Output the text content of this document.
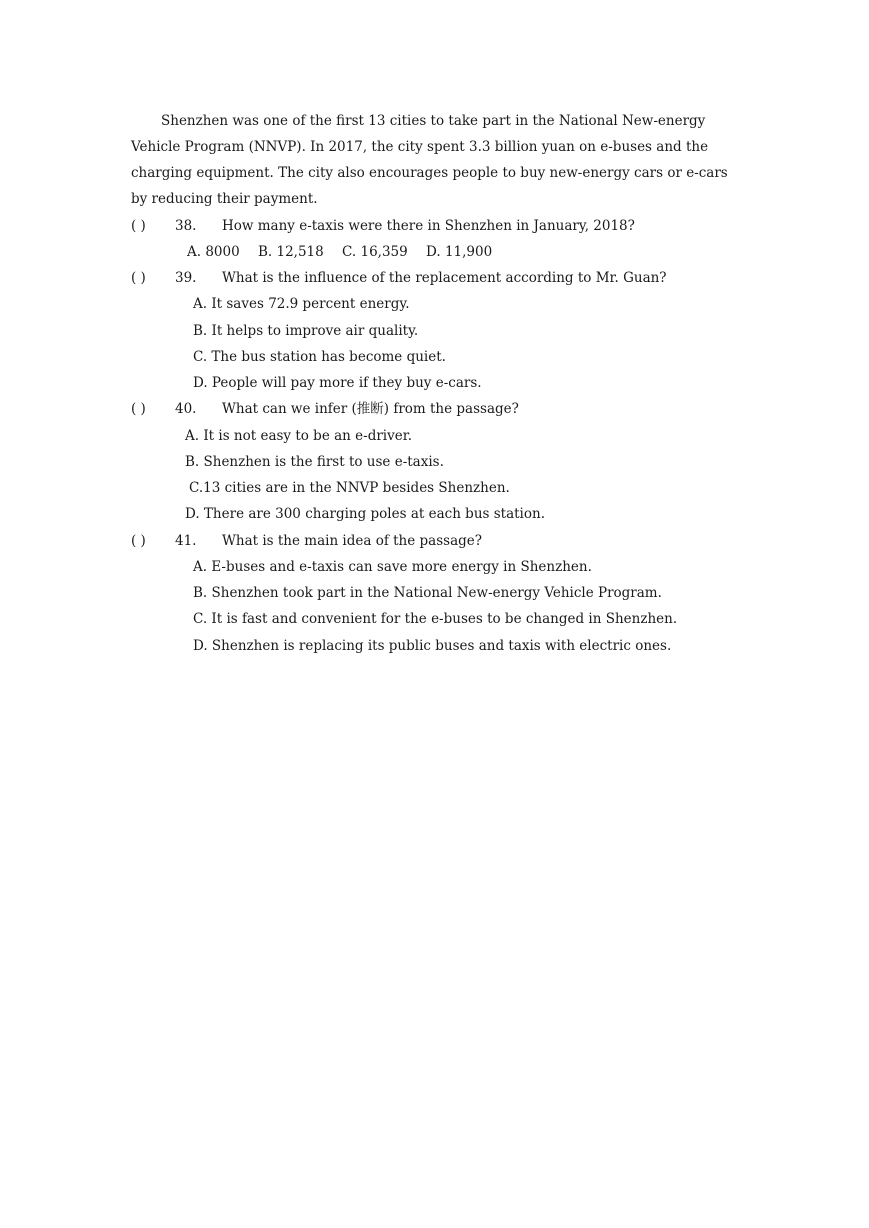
Shenzhen was one of the first 13 cities to take part in the National New-energy
Vehicle Program (NNVP). In 2017, the city spent 3.3 billion yuan on e-buses and the
charging equipment. The city also encourages people to buy new-energy cars or e-cars
by reducing their payment.
( ) 38. How many e-taxis were there in Shenzhen in January, 2018?
A. 8000 B. 12,518 C. 16,359 D. 11,900
( ) 39. What is the influence of the replacement according to Mr. Guan?
A. It saves 72.9 percent energy.
B. It helps to improve air quality.
C. The bus station has become quiet.
D. People will pay more if they buy e-cars.
( ) 40. What can we infer (推断) from the passage?
A. It is not easy to be an e-driver.
B. Shenzhen is the first to use e-taxis.
C.13 cities are in the NNVP besides Shenzhen.
D. There are 300 charging poles at each bus station.
( ) 41. What is the main idea of the passage?
A. E-buses and e-taxis can save more energy in Shenzhen.
B. Shenzhen took part in the National New-energy Vehicle Program.
C. It is fast and convenient for the e-buses to be changed in Shenzhen.
D. Shenzhen is replacing its public buses and taxis with electric ones.
